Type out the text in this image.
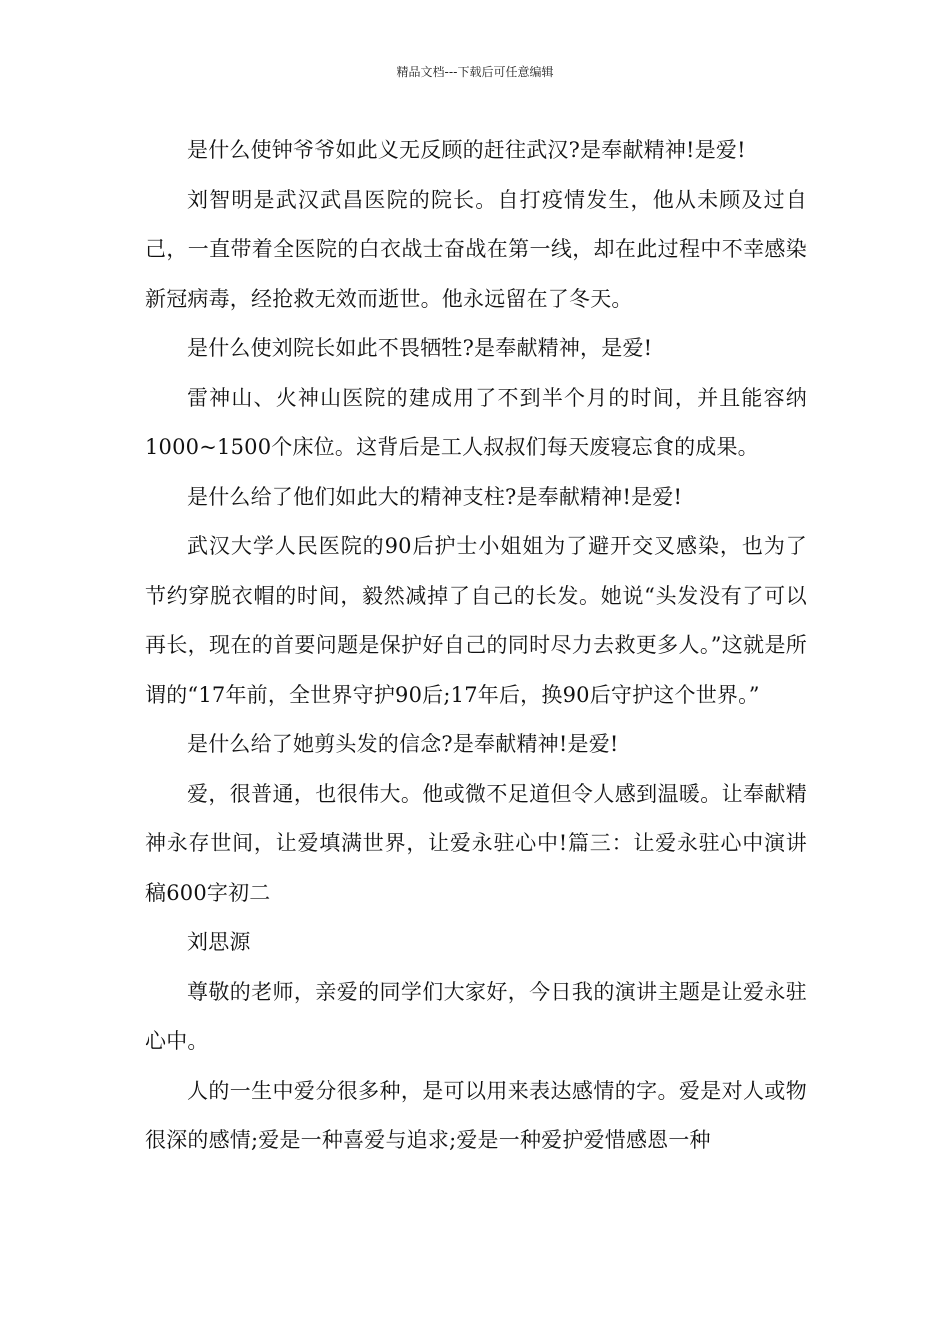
精品文档---下载后可任意编辑

是什么使钟爷爷如此义无反顾的赶往武汉?是奉献精神!是爱!

刘智明是武汉武昌医院的院长。自打疫情发生，他从未顾及过自己，一直带着全医院的白衣战士奋战在第一线，却在此过程中不幸感染新冠病毒，经抢救无效而逝世。他永远留在了冬天。

是什么使刘院长如此不畏牺牲?是奉献精神，是爱!

雷神山、火神山医院的建成用了不到半个月的时间，并且能容纳1000~1500个床位。这背后是工人叔叔们每天废寝忘食的成果。

是什么给了他们如此大的精神支柱?是奉献精神!是爱!

武汉大学人民医院的90后护士小姐姐为了避开交叉感染，也为了节约穿脱衣帽的时间，毅然减掉了自己的长发。她说“头发没有了可以再长，现在的首要问题是保护好自己的同时尽力去救更多人。”这就是所谓的“17年前，全世界守护90后;17年后，换90后守护这个世界。”

是什么给了她剪头发的信念?是奉献精神!是爱!

爱，很普通，也很伟大。他或微不足道但令人感到温暖。让奉献精神永存世间，让爱填满世界，让爱永驻心中!篇三：让爱永驻心中演讲稿600字初二

刘思源

尊敬的老师，亲爱的同学们大家好，今日我的演讲主题是让爱永驻心中。

人的一生中爱分很多种，是可以用来表达感情的字。爱是对人或物很深的感情;爱是一种喜爱与追求;爱是一种爱护爱惜感恩一种
